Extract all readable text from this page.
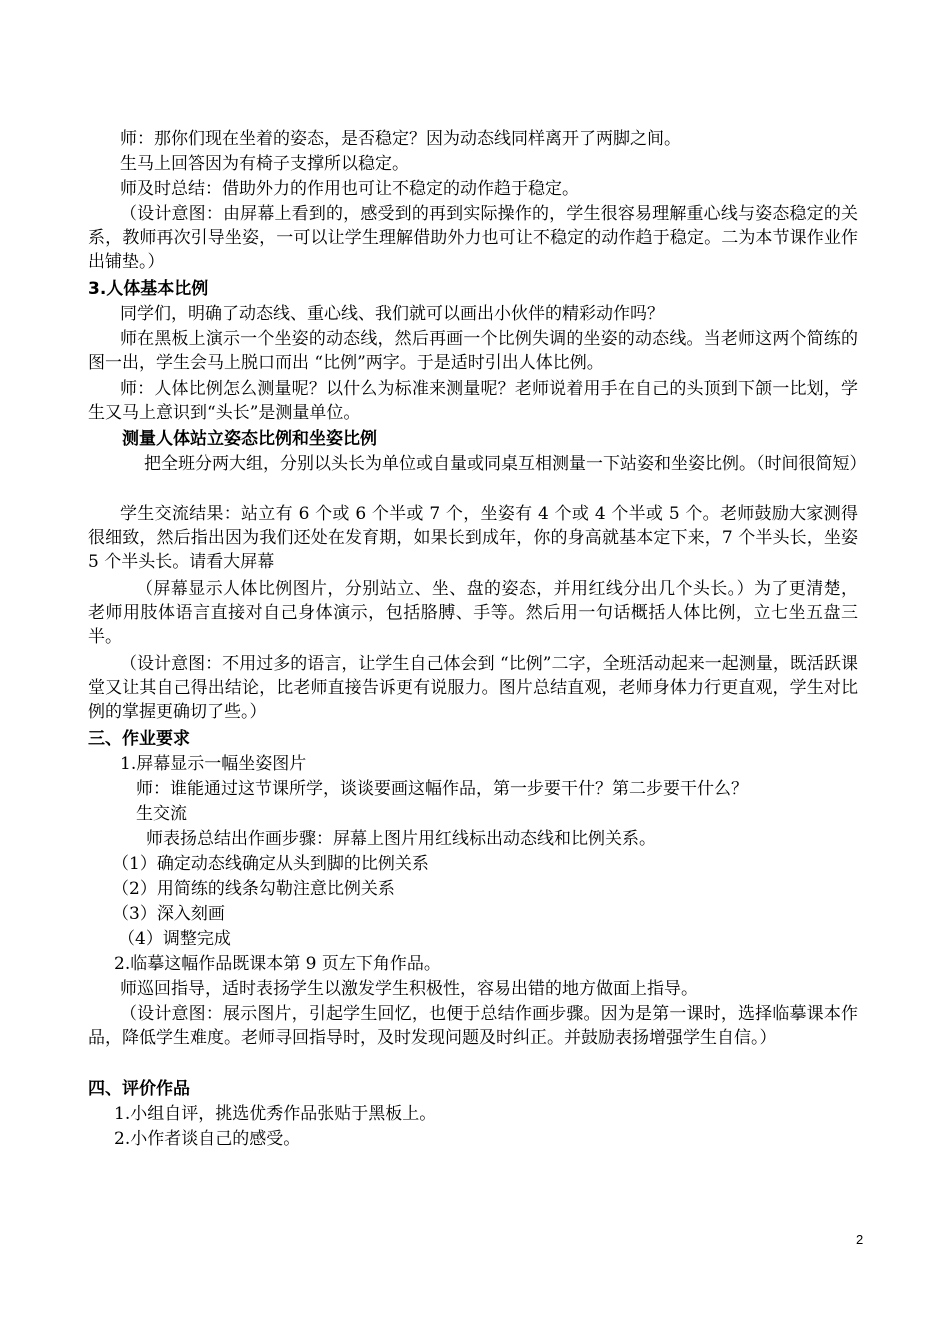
师：那你们现在坐着的姿态，是否稳定？因为动态线同样离开了两脚之间。
生马上回答因为有椅子支撑所以稳定。
师及时总结：借助外力的作用也可让不稳定的动作趋于稳定。
（设计意图：由屏幕上看到的，感受到的再到实际操作的，学生很容易理解重心线与姿态稳定的关系，教师再次引导坐姿，一可以让学生理解借助外力也可让不稳定的动作趋于稳定。二为本节课作业作出铺垫。）
3.人体基本比例
同学们，明确了动态线、重心线、我们就可以画出小伙伴的精彩动作吗？
师在黑板上演示一个坐姿的动态线，然后再画一个比例失调的坐姿的动态线。当老师这两个简练的图一出，学生会马上脱口而出 “比例”两字。于是适时引出人体比例。
师：人体比例怎么测量呢？以什么为标准来测量呢？老师说着用手在自己的头顶到下颌一比划，学生又马上意识到“头长”是测量单位。
测量人体站立姿态比例和坐姿比例
把全班分两大组，分别以头长为单位或自量或同桌互相测量一下站姿和坐姿比例。（时间很简短）
学生交流结果：站立有 6 个或 6 个半或 7 个，坐姿有 4 个或 4 个半或 5 个。老师鼓励大家测得很细致，然后指出因为我们还处在发育期，如果长到成年，你的身高就基本定下来，7 个半头长，坐姿 5 个半头长。请看大屏幕
（屏幕显示人体比例图片，分别站立、坐、盘的姿态，并用红线分出几个头长。）为了更清楚，老师用肢体语言直接对自己身体演示，包括胳膊、手等。然后用一句话概括人体比例，立七坐五盘三半。
（设计意图：不用过多的语言，让学生自己体会到 “比例”二字，全班活动起来一起测量，既活跃课堂又让其自己得出结论，比老师直接告诉更有说服力。图片总结直观，老师身体力行更直观，学生对比例的掌握更确切了些。）
三、作业要求
1.屏幕显示一幅坐姿图片
师：谁能通过这节课所学，谈谈要画这幅作品，第一步要干什？第二步要干什么？
生交流
师表扬总结出作画步骤：屏幕上图片用红线标出动态线和比例关系。
（1）确定动态线确定从头到脚的比例关系
（2）用简练的线条勾勒注意比例关系
（3）深入刻画
（4）调整完成
2.临摹这幅作品既课本第 9 页左下角作品。
师巡回指导，适时表扬学生以激发学生积极性，容易出错的地方做面上指导。
（设计意图：展示图片，引起学生回忆，也便于总结作画步骤。因为是第一课时，选择临摹课本作品，降低学生难度。老师寻回指导时，及时发现问题及时纠正。并鼓励表扬增强学生自信。）
四、评价作品
1.小组自评，挑选优秀作品张贴于黑板上。
2.小作者谈自己的感受。
2
